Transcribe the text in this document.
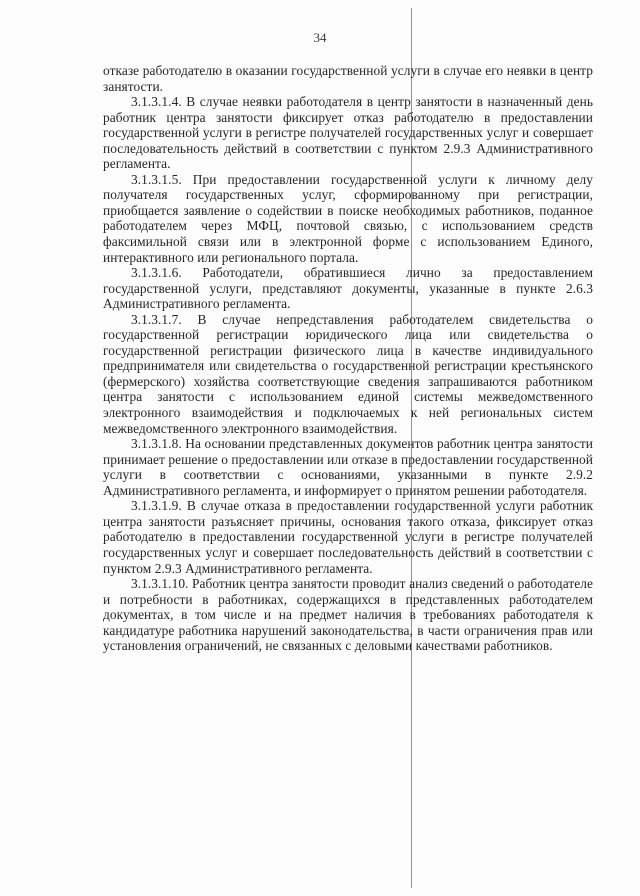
34

отказе работодателю в оказании государственной услуги в случае его неявки в центр занятости.

3.1.3.1.4. В случае неявки работодателя в центр занятости в назначенный день работник центра занятости фиксирует отказ работодателю в предоставлении государственной услуги в регистре получателей государственных услуг и совершает последовательность действий в соответствии с пунктом 2.9.3 Административного регламента.

3.1.3.1.5. При предоставлении государственной услуги к личному делу получателя государственных услуг, сформированному при регистрации, приобщается заявление о содействии в поиске необходимых работников, поданное работодателем через МФЦ, почтовой связью, с использованием средств факсимильной связи или в электронной форме с использованием Единого, интерактивного или регионального портала.

3.1.3.1.6. Работодатели, обратившиеся лично за предоставлением государственной услуги, представляют документы, указанные в пункте 2.6.3 Административного регламента.

3.1.3.1.7. В случае непредставления работодателем свидетельства о государственной регистрации юридического лица или свидетельства о государственной регистрации физического лица в качестве индивидуального предпринимателя или свидетельства о государственной регистрации крестьянского (фермерского) хозяйства соответствующие сведения запрашиваются работником центра занятости с использованием единой системы межведомственного электронного взаимодействия и подключаемых к ней региональных систем межведомственного электронного взаимодействия.

3.1.3.1.8. На основании представленных документов работник центра занятости принимает решение о предоставлении или отказе в предоставлении государственной услуги в соответствии с основаниями, указанными в пункте 2.9.2 Административного регламента, и информирует о принятом решении работодателя.

3.1.3.1.9. В случае отказа в предоставлении государственной услуги работник центра занятости разъясняет причины, основания такого отказа, фиксирует отказ работодателю в предоставлении государственной услуги в регистре получателей государственных услуг и совершает последовательность действий в соответствии с пунктом 2.9.3 Административного регламента.

3.1.3.1.10. Работник центра занятости проводит анализ сведений о работодателе и потребности в работниках, содержащихся в представленных работодателем документах, в том числе и на предмет наличия в требованиях работодателя к кандидатуре работника нарушений законодательства, в части ограничения прав или установления ограничений, не связанных с деловыми качествами работников.
